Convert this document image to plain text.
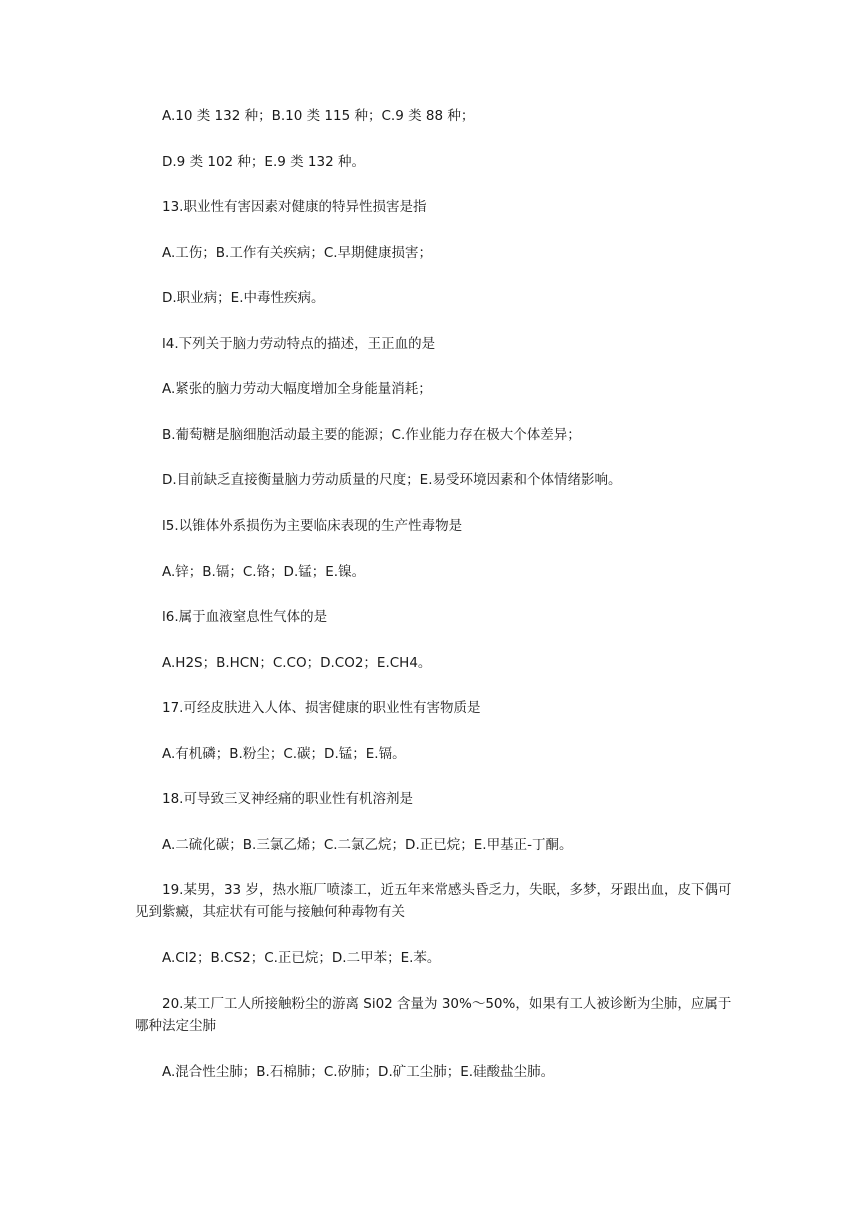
A.10 类 132 种；B.10 类 115 种；C.9 类 88 种；
D.9 类 102 种；E.9 类 132 种。
13.职业性有害因素对健康的特异性损害是指
A.工伤；B.工作有关疾病；C.早期健康损害；
D.职业病；E.中毒性疾病。
l4.下列关于脑力劳动特点的描述，王正血的是
A.紧张的脑力劳动大幅度增加全身能量消耗；
B.葡萄糖是脑细胞活动最主要的能源；C.作业能力存在极大个体差异；
D.目前缺乏直接衡量脑力劳动质量的尺度；E.易受环境因素和个体情绪影响。
l5.以锥体外系损伤为主要临床表现的生产性毒物是
A.锌；B.镉；C.铬；D.锰；E.镍。
l6.属于血液窒息性气体的是
A.H2S；B.HCN；C.CO；D.CO2；E.CH4。
17.可经皮肤进入人体、损害健康的职业性有害物质是
A.有机磷；B.粉尘；C.碳；D.锰；E.镉。
18.可导致三叉神经痛的职业性有机溶剂是
A.二硫化碳；B.三氯乙烯；C.二氯乙烷；D.正已烷；E.甲基正-丁酮。
19.某男，33 岁，热水瓶厂喷漆工，近五年来常感头昏乏力，失眠，多梦，牙跟出血，皮下偶可见到紫癜，其症状有可能与接触何种毒物有关
A.Cl2；B.CS2；C.正已烷；D.二甲苯；E.苯。
20.某工厂工人所接触粉尘的游离 Si02 含量为 30%～50%，如果有工人被诊断为尘肺，应属于哪种法定尘肺
A.混合性尘肺；B.石棉肺；C.矽肺；D.矿工尘肺；E.硅酸盐尘肺。
